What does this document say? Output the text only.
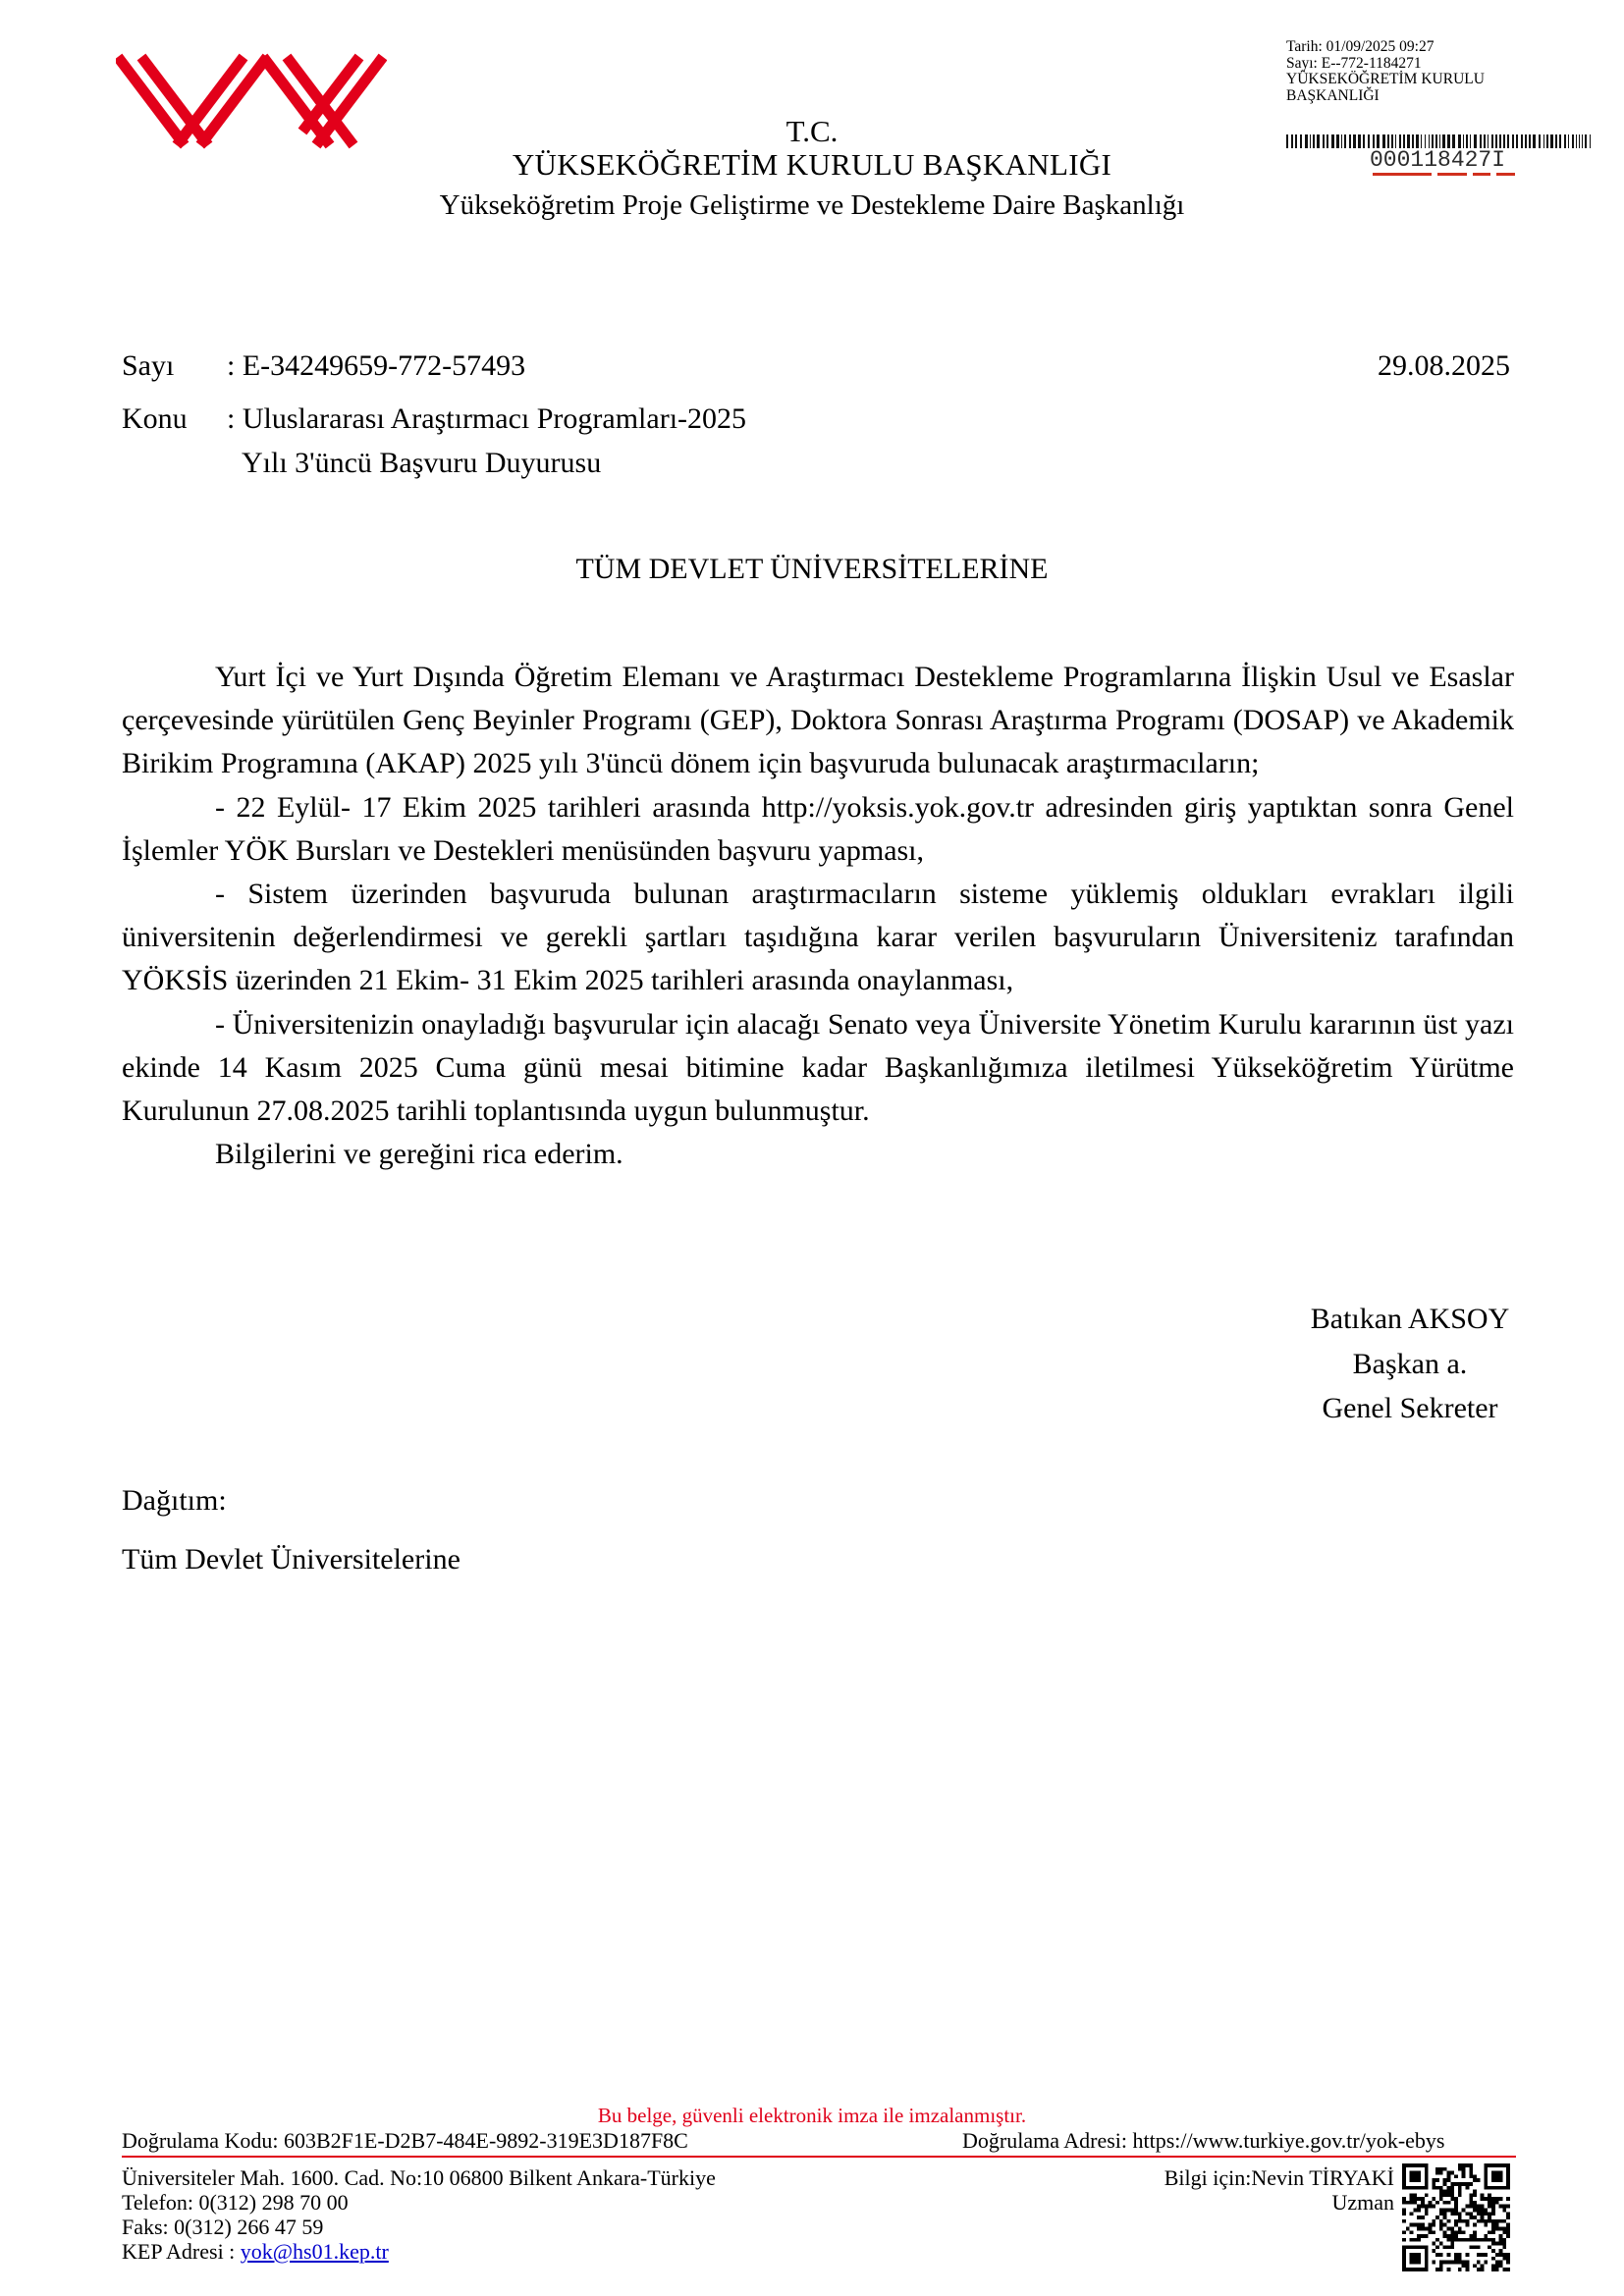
Tarih: 01/09/2025 09:27
Sayı: E--772-1184271
YÜKSEKÖĞRETİM KURULU
BAŞKANLIĞI
000118427I
T.C.
YÜKSEKÖĞRETİM KURULU BAŞKANLIĞI
Yükseköğretim Proje Geliştirme ve Destekleme Daire Başkanlığı
Sayı : E-34249659-772-57493	29.08.2025
Konu : Uluslararası Araştırmacı Programları-2025
Yılı 3'üncü Başvuru Duyurusu
TÜM DEVLET ÜNİVERSİTELERİNE

Yurt İçi ve Yurt Dışında Öğretim Elemanı ve Araştırmacı Destekleme Programlarına İlişkin Usul ve Esaslar çerçevesinde yürütülen Genç Beyinler Programı (GEP), Doktora Sonrası Araştırma Programı (DOSAP) ve Akademik Birikim Programına (AKAP) 2025 yılı 3'üncü dönem için başvuruda bulunacak araştırmacıların;

- 22 Eylül- 17 Ekim 2025 tarihleri arasında http://yoksis.yok.gov.tr adresinden giriş yaptıktan sonra Genel İşlemler YÖK Bursları ve Destekleri menüsünden başvuru yapması,

- Sistem üzerinden başvuruda bulunan araştırmacıların sisteme yüklemiş oldukları evrakları ilgili üniversitenin değerlendirmesi ve gerekli şartları taşıdığına karar verilen başvuruların Üniversiteniz tarafından YÖKSİS üzerinden 21 Ekim- 31 Ekim 2025 tarihleri arasında onaylanması,

- Üniversitenizin onayladığı başvurular için alacağı Senato veya Üniversite Yönetim Kurulu kararının üst yazı ekinde 14 Kasım 2025 Cuma günü mesai bitimine kadar Başkanlığımıza iletilmesi Yükseköğretim Yürütme Kurulunun 27.08.2025 tarihli toplantısında uygun bulunmuştur.

Bilgilerini ve gereğini rica ederim.

Batıkan AKSOY
Başkan a.
Genel Sekreter
Dağıtım:
Tüm Devlet Üniversitelerine
Bu belge, güvenli elektronik imza ile imzalanmıştır.
Doğrulama Kodu: 603B2F1E-D2B7-484E-9892-319E3D187F8C	Doğrulama Adresi: https://www.turkiye.gov.tr/yok-ebys
Üniversiteler Mah. 1600. Cad. No:10 06800 Bilkent Ankara-Türkiye
Telefon: 0(312) 298 70 00
Faks: 0(312) 266 47 59
KEP Adresi : yok@hs01.kep.tr
Bilgi için:Nevin TİRYAKİ
Uzman
